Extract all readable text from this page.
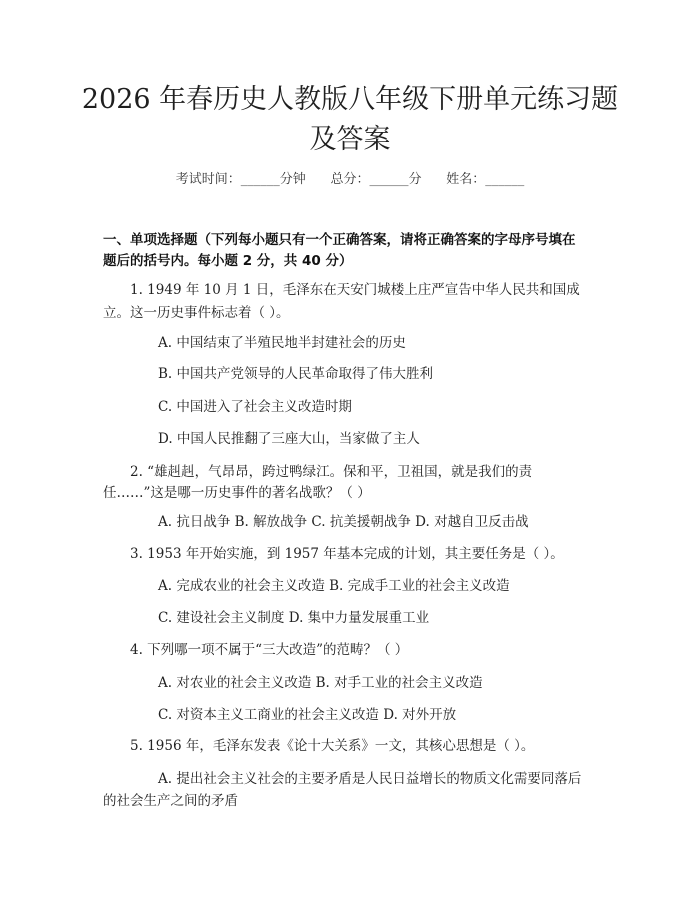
2026 年春历史人教版八年级下册单元练习题
及答案
考试时间：______分钟      总分：______分      姓名：______
一、单项选择题（下列每小题只有一个正确答案，请将正确答案的字母序号填在
题后的括号内。每小题 2 分，共 40 分）
1. 1949 年 10 月 1 日，毛泽东在天安门城楼上庄严宣告中华人民共和国成
立。这一历史事件标志着（ ）。
A. 中国结束了半殖民地半封建社会的历史
B. 中国共产党领导的人民革命取得了伟大胜利
C. 中国进入了社会主义改造时期
D. 中国人民推翻了三座大山，当家做了主人
2. “雄赳赳，气昂昂，跨过鸭绿江。保和平，卫祖国，就是我们的责
任……”这是哪一历史事件的著名战歌？（ ）
A. 抗日战争 B. 解放战争 C. 抗美援朝战争 D. 对越自卫反击战
3. 1953 年开始实施，到 1957 年基本完成的计划，其主要任务是（ ）。
A. 完成农业的社会主义改造 B. 完成手工业的社会主义改造
C. 建设社会主义制度 D. 集中力量发展重工业
4. 下列哪一项不属于“三大改造”的范畴？（ ）
A. 对农业的社会主义改造 B. 对手工业的社会主义改造
C. 对资本主义工商业的社会主义改造 D. 对外开放
5. 1956 年，毛泽东发表《论十大关系》一文，其核心思想是（ ）。
A. 提出社会主义社会的主要矛盾是人民日益增长的物质文化需要同落后
的社会生产之间的矛盾
